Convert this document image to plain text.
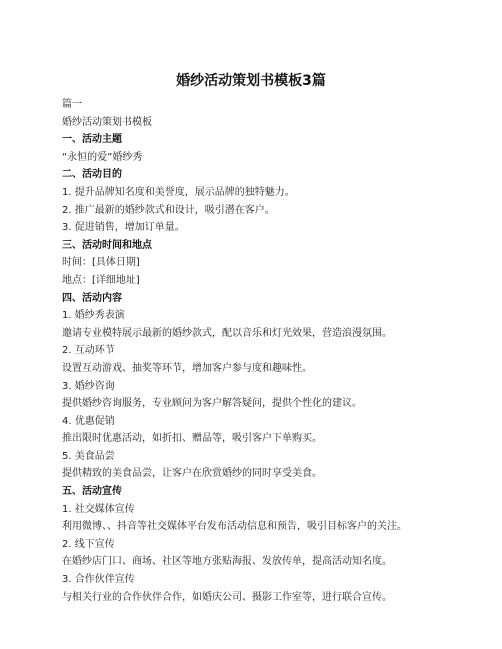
婚纱活动策划书模板3篇
篇一
婚纱活动策划书模板
一、活动主题
“永恒的爱”婚纱秀
二、活动目的
1. 提升品牌知名度和美誉度，展示品牌的独特魅力。
2. 推广最新的婚纱款式和设计，吸引潜在客户。
3. 促进销售，增加订单量。
三、活动时间和地点
时间：[具体日期]
地点：[详细地址]
四、活动内容
1. 婚纱秀表演
邀请专业模特展示最新的婚纱款式，配以音乐和灯光效果，营造浪漫氛围。
2. 互动环节
设置互动游戏、抽奖等环节，增加客户参与度和趣味性。
3. 婚纱咨询
提供婚纱咨询服务，专业顾问为客户解答疑问，提供个性化的建议。
4. 优惠促销
推出限时优惠活动，如折扣、赠品等，吸引客户下单购买。
5. 美食品尝
提供精致的美食品尝，让客户在欣赏婚纱的同时享受美食。
五、活动宣传
1. 社交媒体宣传
利用微博、、抖音等社交媒体平台发布活动信息和预告，吸引目标客户的关注。
2. 线下宣传
在婚纱店门口、商场、社区等地方张贴海报、发放传单，提高活动知名度。
3. 合作伙伴宣传
与相关行业的合作伙伴合作，如婚庆公司、摄影工作室等，进行联合宣传。
